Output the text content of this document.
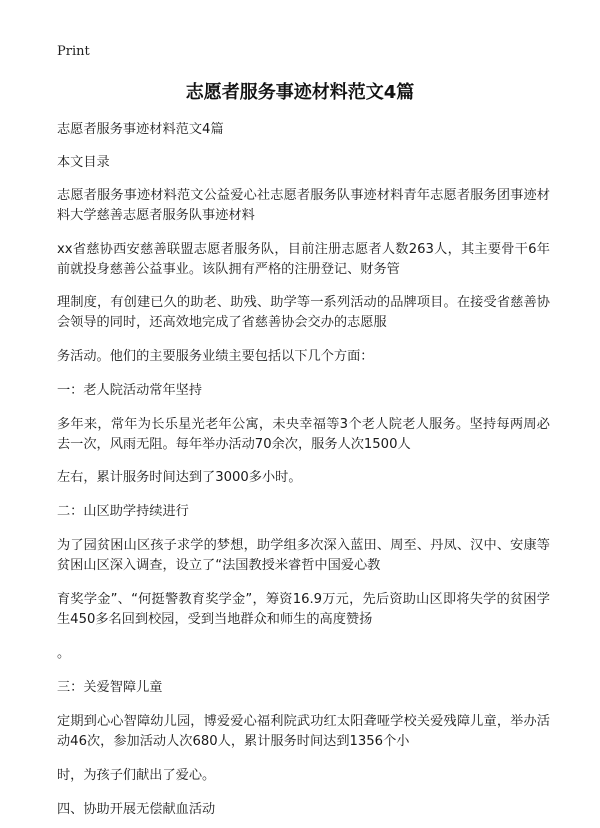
Print
志愿者服务事迹材料范文4篇

志愿者服务事迹材料范文4篇

本文目录

志愿者服务事迹材料范文公益爱心社志愿者服务队事迹材料青年志愿者服务团事迹材料大学慈善志愿者服务队事迹材料

xx省慈协西安慈善联盟志愿者服务队，目前注册志愿者人数263人，其主要骨干6年前就投身慈善公益事业。该队拥有严格的注册登记、财务管

理制度，有创建已久的助老、助残、助学等一系列活动的品牌项目。在接受省慈善协会领导的同时，还高效地完成了省慈善协会交办的志愿服

务活动。他们的主要服务业绩主要包括以下几个方面：

一：老人院活动常年坚持

多年来，常年为长乐星光老年公寓，未央幸福等3个老人院老人服务。坚持每两周必去一次，风雨无阻。每年举办活动70余次，服务人次1500人

左右，累计服务时间达到了3000多小时。

二：山区助学持续进行

为了园贫困山区孩子求学的梦想，助学组多次深入蓝田、周至、丹凤、汉中、安康等贫困山区深入调查，设立了“法国教授米睿哲中国爱心教

育奖学金”、“何挺警教育奖学金”，筹资16.9万元，先后资助山区即将失学的贫困学生450多名回到校园，受到当地群众和师生的高度赞扬

。

三：关爱智障儿童

定期到心心智障幼儿园，博爱爱心福利院武功红太阳聋哑学校关爱残障儿童，举办活动46次，参加活动人次680人，累计服务时间达到1356个小

时，为孩子们献出了爱心。

四、协助开展无偿献血活动
